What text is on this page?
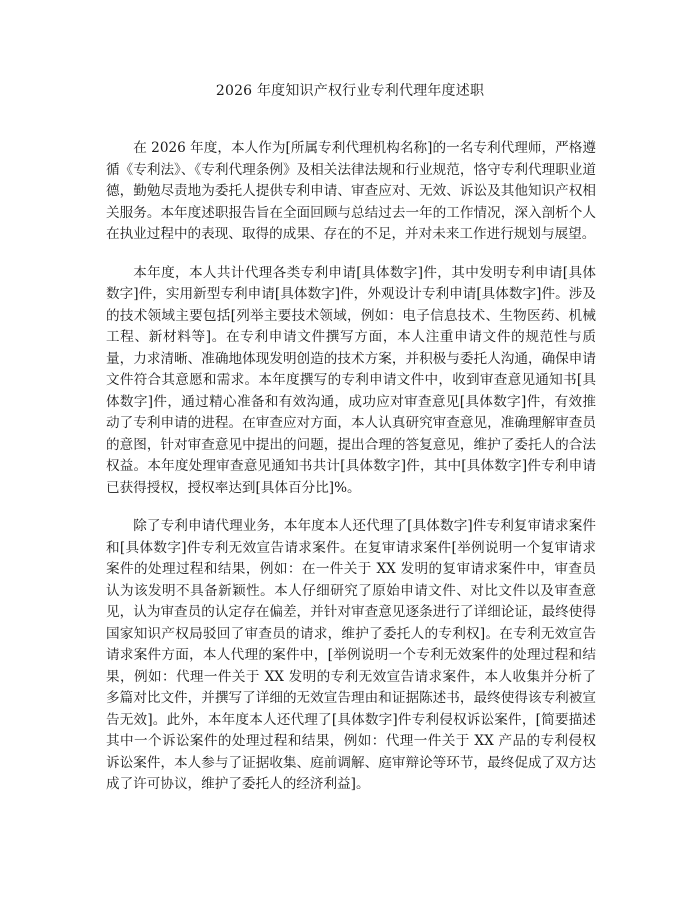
2026 年度知识产权行业专利代理年度述职

在 2026 年度，本人作为[所属专利代理机构名称]的一名专利代理师，严格遵循《专利法》、《专利代理条例》及相关法律法规和行业规范，恪守专利代理职业道德，勤勉尽责地为委托人提供专利申请、审查应对、无效、诉讼及其他知识产权相关服务。本年度述职报告旨在全面回顾与总结过去一年的工作情况，深入剖析个人在执业过程中的表现、取得的成果、存在的不足，并对未来工作进行规划与展望。

本年度，本人共计代理各类专利申请[具体数字]件，其中发明专利申请[具体数字]件，实用新型专利申请[具体数字]件，外观设计专利申请[具体数字]件。涉及的技术领域主要包括[列举主要技术领域，例如：电子信息技术、生物医药、机械工程、新材料等]。在专利申请文件撰写方面，本人注重申请文件的规范性与质量，力求清晰、准确地体现发明创造的技术方案，并积极与委托人沟通，确保申请文件符合其意愿和需求。本年度撰写的专利申请文件中，收到审查意见通知书[具体数字]件，通过精心准备和有效沟通，成功应对审查意见[具体数字]件，有效推动了专利申请的进程。在审查应对方面，本人认真研究审查意见，准确理解审查员的意图，针对审查意见中提出的问题，提出合理的答复意见，维护了委托人的合法权益。本年度处理审查意见通知书共计[具体数字]件，其中[具体数字]件专利申请已获得授权，授权率达到[具体百分比]%。

除了专利申请代理业务，本年度本人还代理了[具体数字]件专利复审请求案件和[具体数字]件专利无效宣告请求案件。在复审请求案件[举例说明一个复审请求案件的处理过程和结果，例如：在一件关于 XX 发明的复审请求案件中，审查员认为该发明不具备新颖性。本人仔细研究了原始申请文件、对比文件以及审查意见，认为审查员的认定存在偏差，并针对审查意见逐条进行了详细论证，最终使得国家知识产权局驳回了审查员的请求，维护了委托人的专利权]。在专利无效宣告请求案件方面，本人代理的案件中，[举例说明一个专利无效案件的处理过程和结果，例如：代理一件关于 XX 发明的专利无效宣告请求案件，本人收集并分析了多篇对比文件，并撰写了详细的无效宣告理由和证据陈述书，最终使得该专利被宣告无效]。此外，本年度本人还代理了[具体数字]件专利侵权诉讼案件，[简要描述其中一个诉讼案件的处理过程和结果，例如：代理一件关于 XX 产品的专利侵权诉讼案件，本人参与了证据收集、庭前调解、庭审辩论等环节，最终促成了双方达成了许可协议，维护了委托人的经济利益]。
